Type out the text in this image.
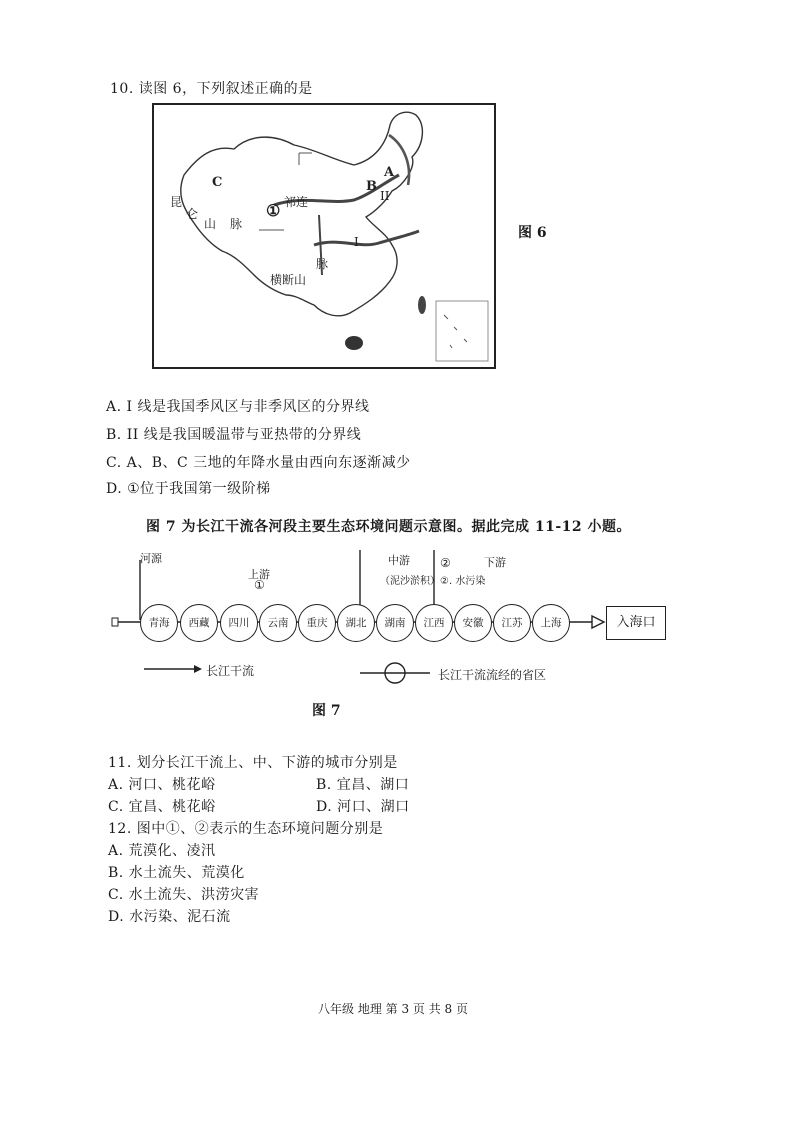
10. 读图 6，下列叙述正确的是
C	B
A
II
I
①
昆
仑
山 脉
祁连
横断山
脉
图 6
A. I 线是我国季风区与非季风区的分界线
B. II 线是我国暖温带与亚热带的分界线
C. A、B、C 三地的年降水量由西向东逐渐减少
D. ①位于我国第一级阶梯
图 7 为长江干流各河段主要生态环境问题示意图。据此完成 11-12 小题。
河源
上游
①
中游
（泥沙淤积）
②	下游
②. 水污染
青海	西藏	四川	云南	重庆	湖北	湖南	江西	安徽	江苏	上海	入海口
长江干流	长江干流流经的省区
图 7
11. 划分长江干流上、中、下游的城市分别是
A. 河口、桃花峪	B. 宜昌、湖口
C. 宜昌、桃花峪	D. 河口、湖口
12. 图中①、②表示的生态环境问题分别是
A. 荒漠化、凌汛
B. 水土流失、荒漠化
C. 水土流失、洪涝灾害
D. 水污染、泥石流
八年级 地理 第 3 页 共 8 页
